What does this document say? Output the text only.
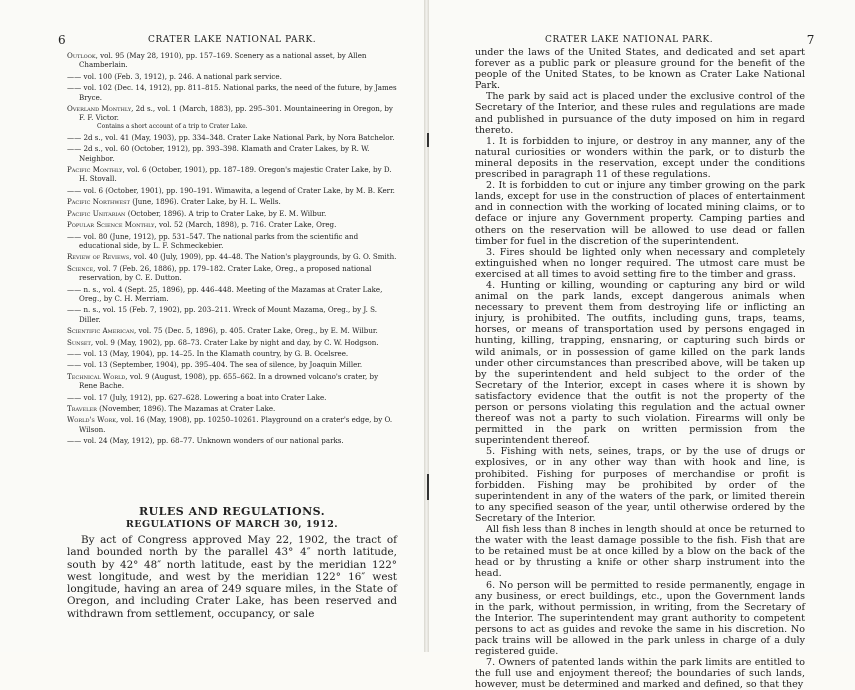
6	CRATER LAKE NATIONAL PARK.

Outlook, vol. 95 (May 28, 1910), pp. 157–169. Scenery as a national asset, by Allen Chamberlain.

—— vol. 100 (Feb. 3, 1912), p. 246. A national park service.

—— vol. 102 (Dec. 14, 1912), pp. 811–815. National parks, the need of the future, by James Bryce.

Overland Monthly, 2d s., vol. 1 (March, 1883), pp. 295–301. Mountaineering in Oregon, by F. F. Victor.

Contains a short account of a trip to Crater Lake.

—— 2d s., vol. 41 (May, 1903), pp. 334–348. Crater Lake National Park, by Nora Batchelor.

—— 2d s., vol. 60 (October, 1912), pp. 393–398. Klamath and Crater Lakes, by R. W. Neighbor.

Pacific Monthly, vol. 6 (October, 1901), pp. 187–189. Oregon's majestic Crater Lake, by D. H. Stovall.

—— vol. 6 (October, 1901), pp. 190–191. Wimawita, a legend of Crater Lake, by M. B. Kerr.

Pacific Northwest (June, 1896). Crater Lake, by H. L. Wells.

Pacific Unitarian (October, 1896). A trip to Crater Lake, by E. M. Wilbur.

Popular Science Monthly, vol. 52 (March, 1898), p. 716. Crater Lake, Oreg.

—— vol. 80 (June, 1912), pp. 531–547. The national parks from the scientific and educational side, by L. F. Schmeckebier.

Review of Reviews, vol. 40 (July, 1909), pp. 44–48. The Nation's playgrounds, by G. O. Smith.

Science, vol. 7 (Feb. 26, 1886), pp. 179–182. Crater Lake, Oreg., a proposed national reservation, by C. E. Dutton.

—— n. s., vol. 4 (Sept. 25, 1896), pp. 446–448. Meeting of the Mazamas at Crater Lake, Oreg., by C. H. Merriam.

—— n. s., vol. 15 (Feb. 7, 1902), pp. 203–211. Wreck of Mount Mazama, Oreg., by J. S. Diller.

Scientific American, vol. 75 (Dec. 5, 1896), p. 405. Crater Lake, Oreg., by E. M. Wilbur.

Sunset, vol. 9 (May, 1902), pp. 68–73. Crater Lake by night and day, by C. W. Hodgson.

—— vol. 13 (May, 1904), pp. 14–25. In the Klamath country, by G. B. Ocelsree.

—— vol. 13 (September, 1904), pp. 395–404. The sea of silence, by Joaquin Miller.

Technical World, vol. 9 (August, 1908), pp. 655–662. In a drowned volcano's crater, by Rene Bache.

—— vol. 17 (July, 1912), pp. 627–628. Lowering a boat into Crater Lake.

Traveler (November, 1896). The Mazamas at Crater Lake.

World's Work, vol. 16 (May, 1908), pp. 10250–10261. Playground on a crater's edge, by O. Wilson.

—— vol. 24 (May, 1912), pp. 68–77. Unknown wonders of our national parks.

RULES AND REGULATIONS.
REGULATIONS OF MARCH 30, 1912.

By act of Congress approved May 22, 1902, the tract of land bounded north by the parallel 43° 4″ north latitude, south by 42° 48″ north latitude, east by the meridian 122° west longitude, and west by the meridian 122° 16″ west longitude, having an area of 249 square miles, in the State of Oregon, and including Crater Lake, has been reserved and withdrawn from settlement, occupancy, or sale

CRATER LAKE NATIONAL PARK.	7

under the laws of the United States, and dedicated and set apart forever as a public park or pleasure ground for the benefit of the people of the United States, to be known as Crater Lake National Park.

The park by said act is placed under the exclusive control of the Secretary of the Interior, and these rules and regulations are made and published in pursuance of the duty imposed on him in regard thereto.

1. It is forbidden to injure, or destroy in any manner, any of the natural curiosities or wonders within the park, or to disturb the mineral deposits in the reservation, except under the conditions prescribed in paragraph 11 of these regulations.

2. It is forbidden to cut or injure any timber growing on the park lands, except for use in the construction of places of entertainment and in connection with the working of located mining claims, or to deface or injure any Government property. Camping parties and others on the reservation will be allowed to use dead or fallen timber for fuel in the discretion of the superintendent.

3. Fires should be lighted only when necessary and completely extinguished when no longer required. The utmost care must be exercised at all times to avoid setting fire to the timber and grass.

4. Hunting or killing, wounding or capturing any bird or wild animal on the park lands, except dangerous animals when necessary to prevent them from destroying life or inflicting an injury, is prohibited. The outfits, including guns, traps, teams, horses, or means of transportation used by persons engaged in hunting, killing, trapping, ensnaring, or capturing such birds or wild animals, or in possession of game killed on the park lands under other circumstances than prescribed above, will be taken up by the superintendent and held subject to the order of the Secretary of the Interior, except in cases where it is shown by satisfactory evidence that the outfit is not the property of the person or persons violating this regulation and the actual owner thereof was not a party to such violation. Firearms will only be permitted in the park on written permission from the superintendent thereof.

5. Fishing with nets, seines, traps, or by the use of drugs or explosives, or in any other way than with hook and line, is prohibited. Fishing for purposes of merchandise or profit is forbidden. Fishing may be prohibited by order of the superintendent in any of the waters of the park, or limited therein to any specified season of the year, until otherwise ordered by the Secretary of the Interior.

All fish less than 8 inches in length should at once be returned to the water with the least damage possible to the fish. Fish that are to be retained must be at once killed by a blow on the back of the head or by thrusting a knife or other sharp instrument into the head.

6. No person will be permitted to reside permanently, engage in any business, or erect buildings, etc., upon the Government lands in the park, without permission, in writing, from the Secretary of the Interior. The superintendent may grant authority to competent persons to act as guides and revoke the same in his discretion. No pack trains will be allowed in the park unless in charge of a duly registered guide.

7. Owners of patented lands within the park limits are entitled to the full use and enjoyment thereof; the boundaries of such lands, however, must be determined and marked and defined, so that they
